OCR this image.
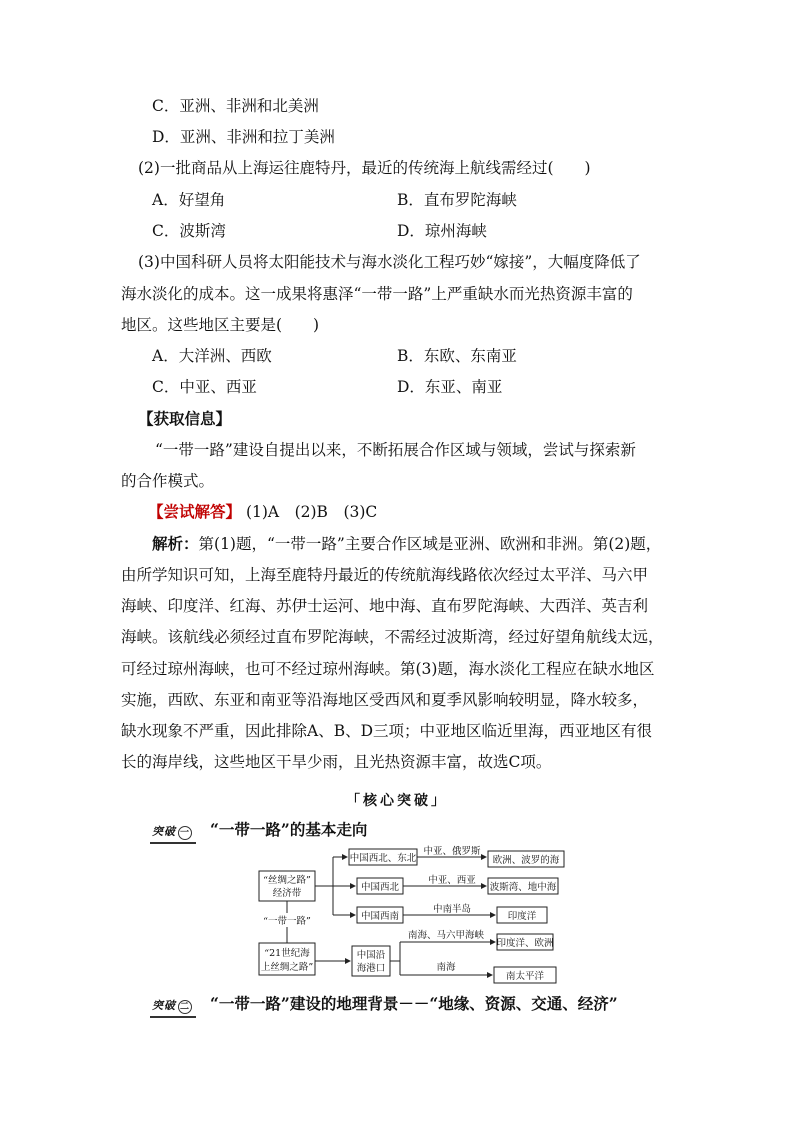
C．亚洲、非洲和北美洲
D．亚洲、非洲和拉丁美洲
(2)一批商品从上海运往鹿特丹，最近的传统海上航线需经过(　　)
A．好望角	B．直布罗陀海峡
C．波斯湾	D．琼州海峡
(3)中国科研人员将太阳能技术与海水淡化工程巧妙“嫁接”，大幅度降低了
海水淡化的成本。这一成果将惠泽“一带一路”上严重缺水而光热资源丰富的
地区。这些地区主要是(　　)
A．大洋洲、西欧	B．东欧、东南亚
C．中亚、西亚	D．东亚、南亚
【获取信息】
“一带一路”建设自提出以来，不断拓展合作区域与领域，尝试与探索新
的合作模式。
【尝试解答】 (1)A　(2)B　(3)C
解析：第(1)题，“一带一路”主要合作区域是亚洲、欧洲和非洲。第(2)题，
由所学知识可知，上海至鹿特丹最近的传统航海线路依次经过太平洋、马六甲
海峡、印度洋、红海、苏伊士运河、地中海、直布罗陀海峡、大西洋、英吉利
海峡。该航线必须经过直布罗陀海峡，不需经过波斯湾，经过好望角航线太远，
可经过琼州海峡，也可不经过琼州海峡。第(3)题，海水淡化工程应在缺水地区
实施，西欧、东亚和南亚等沿海地区受西风和夏季风影响较明显，降水较多，
缺水现象不严重，因此排除A、B、D三项；中亚地区临近里海，西亚地区有很
长的海岸线，这些地区干旱少雨，且光热资源丰富，故选C项。
「核心突破」
突破 一 “一带一路”的基本走向
“丝绸之路”
经济带
“一带一路”
“21世纪海
上丝绸之路”
中国沿
海港口
中国西北、东北
中国西北
中国西南
中亚、俄罗斯
中亚、西亚
中南半岛
南海、马六甲海峡
南海
欧洲、波罗的海
波斯湾、地中海
印度洋
印度洋、欧洲
南太平洋
突破 二 “一带一路”建设的地理背景－－“地缘、资源、交通、经济”
